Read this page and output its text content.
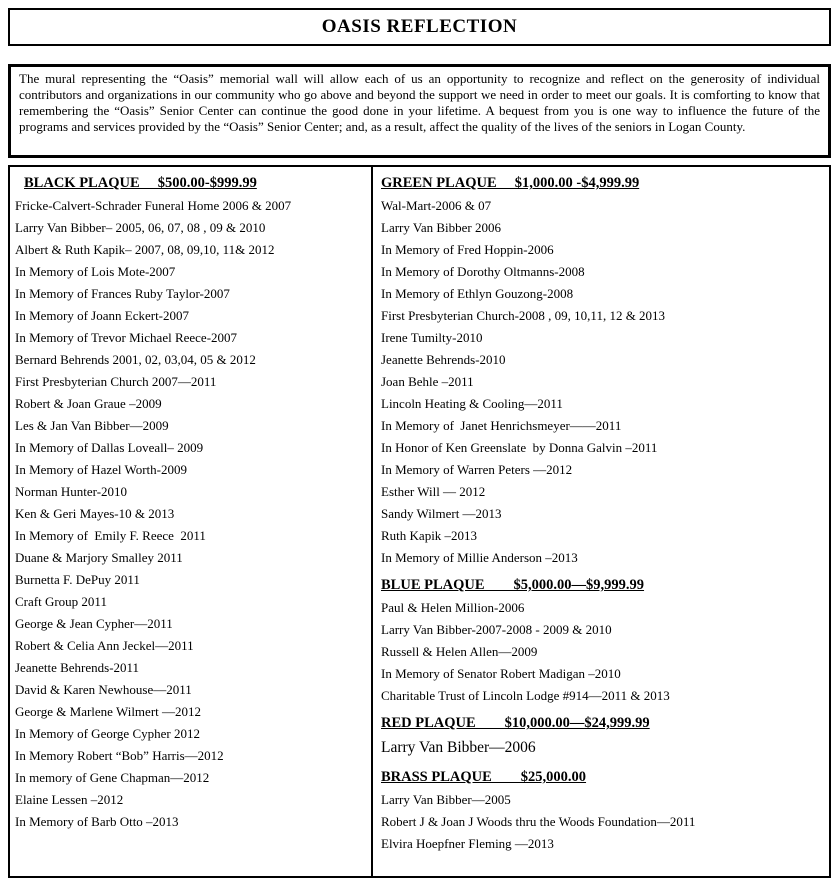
OASIS REFLECTION

The mural representing the “Oasis” memorial wall will allow each of us an opportunity to recognize and reflect on the generosity of individual contributors and organizations in our community who go above and beyond the support we need in order to meet our goals. It is comforting to know that remembering the “Oasis” Senior Center can continue the good done in your lifetime. A bequest from you is one way to influence the future of the programs and services provided by the “Oasis” Senior Center; and, as a result, affect the quality of the lives of the seniors in Logan County.

BLACK PLAQUE     $500.00-$999.99
Fricke-Calvert-Schrader Funeral Home 2006 & 2007
Larry Van Bibber– 2005, 06, 07, 08 , 09 & 2010
Albert & Ruth Kapik– 2007, 08, 09,10, 11& 2012
In Memory of Lois Mote-2007
In Memory of Frances Ruby Taylor-2007
In Memory of Joann Eckert-2007
In Memory of Trevor Michael Reece-2007
Bernard Behrends 2001, 02, 03,04, 05 & 2012
First Presbyterian Church 2007—2011
Robert & Joan Graue –2009
Les & Jan Van Bibber—2009
In Memory of Dallas Loveall– 2009
In Memory of Hazel Worth-2009
Norman Hunter-2010
Ken & Geri Mayes-10 & 2013
In Memory of  Emily F. Reece  2011
Duane & Marjory Smalley 2011
Burnetta F. DePuy 2011
Craft Group 2011
George & Jean Cypher—2011
Robert & Celia Ann Jeckel—2011
Jeanette Behrends-2011
David & Karen Newhouse—2011
George & Marlene Wilmert —2012
In Memory of George Cypher 2012
In Memory Robert “Bob” Harris—2012
In memory of Gene Chapman—2012
Elaine Lessen –2012
In Memory of Barb Otto –2013
GREEN PLAQUE     $1,000.00 -$4,999.99
Wal-Mart-2006 & 07
Larry Van Bibber 2006
In Memory of Fred Hoppin-2006
In Memory of Dorothy Oltmanns-2008
In Memory of Ethlyn Gouzong-2008
First Presbyterian Church-2008 , 09, 10,11, 12 & 2013
Irene Tumilty-2010
Jeanette Behrends-2010
Joan Behle –2011
Lincoln Heating & Cooling—2011
In Memory of  Janet Henrichsmeyer——2011
In Honor of Ken Greenslate  by Donna Galvin –2011
In Memory of Warren Peters —2012
Esther Will — 2012
Sandy Wilmert —2013
Ruth Kapik –2013
In Memory of Millie Anderson –2013
BLUE PLAQUE        $5,000.00—$9,999.99
Paul & Helen Million-2006
Larry Van Bibber-2007-2008 - 2009 & 2010
Russell & Helen Allen—2009
In Memory of Senator Robert Madigan –2010
Charitable Trust of Lincoln Lodge #914—2011 & 2013
RED PLAQUE        $10,000.00—$24,999.99
Larry Van Bibber—2006
BRASS PLAQUE        $25,000.00
Larry Van Bibber—2005
Robert J & Joan J Woods thru the Woods Foundation—2011
Elvira Hoepfner Fleming —2013
